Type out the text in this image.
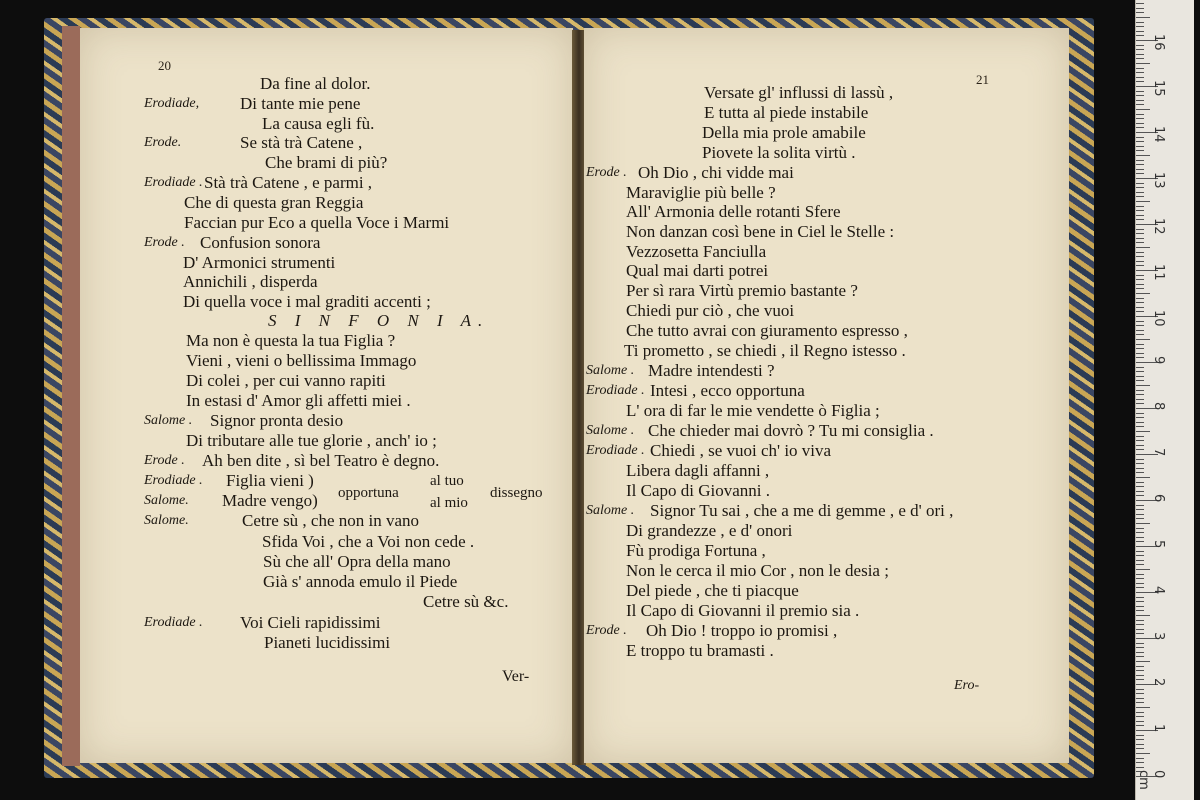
20
Da fine al dolor.
Erodiade, Di tante mie pene
La causa egli fù.
Erode.	Se stà trà Catene ,
Che brami di più?
Erodiade . Stà trà Catene , e parmi ,
Che di questa gran Reggia
Faccian pur Eco a quella Voce i Marmi
Erode . Confusion sonora
D' Armonici strumenti
Annichili , disperda
Di quella voce i mal graditi accenti ;
S I N F O N I A.
Ma non è questa la tua Figlia ?
Vieni , vieni o bellissima Immago
Di colei , per cui vanno rapiti
In estasi d' Amor gli affetti miei .
Salome . Signor pronta desio
Di tributare alle tue glorie , anch' io ;
Erode . Ah ben dite , sì bel Teatro è degno.
Erodiade . Figlia vieni )
Salome. Madre vengo)
Salome.	Cetre sù , che non in vano
Sfida Voi , che a Voi non cede .
Sù che all' Opra della mano
Già s' annoda emulo il Piede
Cetre sù &c.
Erodiade . Voi Cieli rapidissimi
Pianeti lucidissimi
opportuna
al tuo
al mio
dissegno
Ver-
21
Versate gl' influssi di lassù ,
E tutta al piede instabile
Della mia prole amabile
Piovete la solita virtù .
Erode . Oh Dio , chi vidde mai
Maraviglie più belle ?
All' Armonia delle rotanti Sfere
Non danzan così bene in Ciel le Stelle :
Vezzosetta Fanciulla
Qual mai darti potrei
Per sì rara Virtù premio bastante ?
Chiedi pur ciò , che vuoi
Che tutto avrai con giuramento espresso ,
Ti prometto , se chiedi , il Regno istesso .
Salome . Madre intendesti ?
Erodiade . Intesi , ecco opportuna
L' ora di far le mie vendette ò Figlia ;
Salome . Che chieder mai dovrò ? Tu mi consiglia .
Erodiade . Chiedi , se vuoi ch' io viva
Libera dagli affanni ,
Il Capo di Giovanni .
Salome . Signor Tu sai , che a me di gemme , e d' ori ,
Di grandezze , e d' onori
Fù prodiga Fortuna ,
Non le cerca il mio Cor , non le desia ;
Del piede , che ti piacque
Il Capo di Giovanni il premio sia .
Erode . Oh Dio ! troppo io promisi ,
E troppo tu bramasti .
Ero-
0 cm
1
2
3
4
5
6
7
8
9
10
11
12
13
14
15
16
